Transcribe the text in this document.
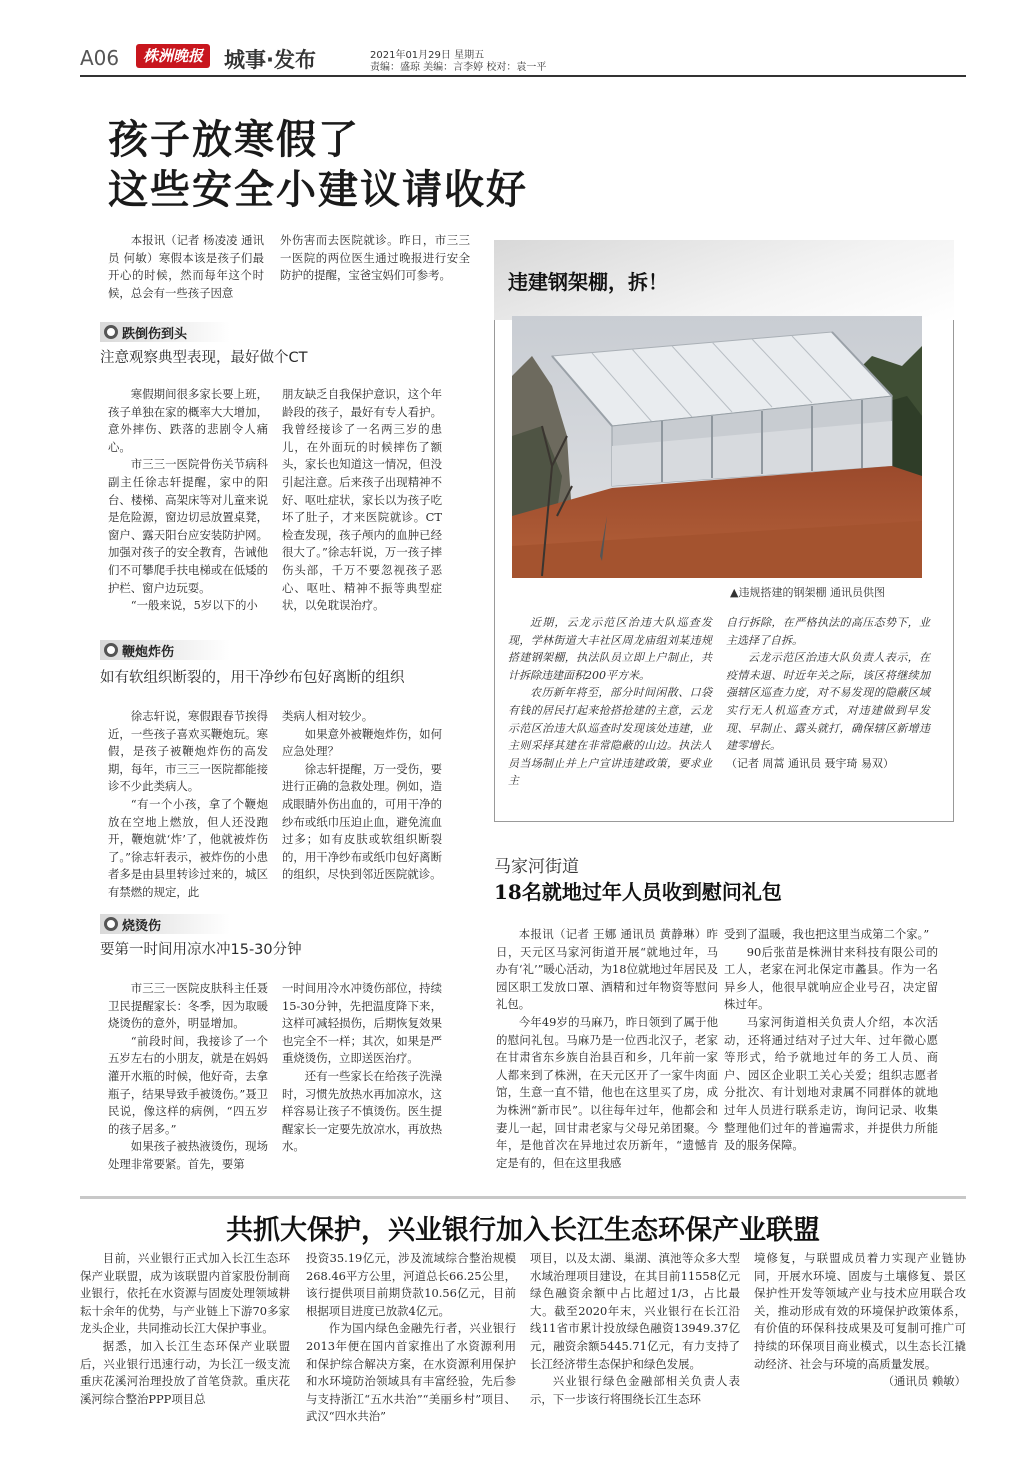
A06	株洲晚报	城事·发布	2021年01月29日 星期五
责编：盛琼 美编：言李婷 校对：袁一平
孩子放寒假了
这些安全小建议请收好

本报讯（记者 杨凌凌 通讯员 何敏）寒假本该是孩子们最开心的时候，然而每年这个时候，总会有一些孩子因意

外伤害而去医院就诊。昨日，市三三一医院的两位医生通过晚报进行安全防护的提醒，宝爸宝妈们可参考。

跌倒伤到头
注意观察典型表现，最好做个CT

寒假期间很多家长要上班，孩子单独在家的概率大大增加，意外摔伤、跌落的悲剧令人痛心。

市三三一医院骨伤关节病科副主任徐志轩提醒，家中的阳台、楼梯、高架床等对儿童来说是危险源，窗边切忌放置桌凳，窗户、露天阳台应安装防护网。加强对孩子的安全教育，告诫他们不可攀爬手扶电梯或在低矮的护栏、窗户边玩耍。

“一般来说，5岁以下的小

朋友缺乏自我保护意识，这个年龄段的孩子，最好有专人看护。我曾经接诊了一名两三岁的患儿，在外面玩的时候摔伤了额头，家长也知道这一情况，但没引起注意。后来孩子出现精神不好、呕吐症状，家长以为孩子吃坏了肚子，才来医院就诊。CT检查发现，孩子颅内的血肿已经很大了。”徐志轩说，万一孩子摔伤头部，千万不要忽视孩子恶心、呕吐、精神不振等典型症状，以免耽误治疗。

鞭炮炸伤
如有软组织断裂的，用干净纱布包好离断的组织

徐志轩说，寒假跟春节挨得近，一些孩子喜欢买鞭炮玩。寒假，是孩子被鞭炮炸伤的高发期，每年，市三三一医院都能接诊不少此类病人。

“有一个小孩，拿了个鞭炮放在空地上燃放，但人还没跑开，鞭炮就‘炸’了，他就被炸伤了。”徐志轩表示，被炸伤的小患者多是由县里转诊过来的，城区有禁燃的规定，此

类病人相对较少。

如果意外被鞭炮炸伤，如何应急处理？

徐志轩提醒，万一受伤，要进行正确的急救处理。例如，造成眼睛外伤出血的，可用干净的纱布或纸巾压迫止血，避免流血过多；如有皮肤或软组织断裂的，用干净纱布或纸巾包好离断的组织，尽快到邻近医院就诊。

烧烫伤
要第一时间用凉水冲15-30分钟

市三三一医院皮肤科主任聂卫民提醒家长：冬季，因为取暖烧烫伤的意外，明显增加。

“前段时间，我接诊了一个五岁左右的小朋友，就是在妈妈灌开水瓶的时候，他好奇，去拿瓶子，结果导致手被烫伤。”聂卫民说，像这样的病例，“四五岁的孩子居多。”

如果孩子被热液烫伤，现场处理非常要紧。首先，要第

一时间用冷水冲烫伤部位，持续15-30分钟，先把温度降下来，这样可减轻损伤，后期恢复效果也完全不一样；其次，如果是严重烧烫伤，立即送医治疗。

还有一些家长在给孩子洗澡时，习惯先放热水再加凉水，这样容易让孩子不慎烫伤。医生提醒家长一定要先放凉水，再放热水。

违建钢架棚，拆！
▲违规搭建的钢架棚 通讯员供图

近期，云龙示范区治违大队巡查发现，学林街道大丰社区周龙庙组刘某违规搭建钢架棚，执法队员立即上户制止，共计拆除违建面积200平方米。

农历新年将至，部分时间闲散、口袋有钱的居民打起来抢搭抢建的主意，云龙示范区治违大队巡查时发现该处违建，业主则采择其建在非常隐蔽的山边。执法人员当场制止并上户宣讲违建政策，要求业主

自行拆除，在严格执法的高压态势下，业主选择了自拆。

云龙示范区治违大队负责人表示，在疫情未退、时近年关之际，该区将继续加强辖区巡查力度，对不易发现的隐蔽区域实行无人机巡查方式，对违建做到早发现、早制止、露头就打，确保辖区新增违建零增长。

（记者 周蒿 通讯员 聂宇琦 易双）

马家河街道
18名就地过年人员收到慰问礼包

本报讯（记者 王娜 通讯员 黄静琳）昨日，天元区马家河街道开展“就地过年，马办有‘礼’”暖心活动，为18位就地过年居民及园区职工发放口罩、酒精和过年物资等慰问礼包。

今年49岁的马麻乃，昨日领到了属于他的慰问礼包。马麻乃是一位西北汉子，老家在甘肃省东乡族自治县百和乡，几年前一家人都来到了株洲，在天元区开了一家牛肉面馆，生意一直不错，他也在这里买了房，成为株洲“新市民”。以往每年过年，他都会和妻儿一起，回甘肃老家与父母兄弟团聚。今年，是他首次在异地过农历新年，“遗憾肯定是有的，但在这里我感

受到了温暖，我也把这里当成第二个家。”

90后张苗是株洲甘来科技有限公司的工人，老家在河北保定市蠡县。作为一名异乡人，他很早就响应企业号召，决定留株过年。

马家河街道相关负责人介绍，本次活动，还将通过结对子过大年、过年微心愿等形式，给予就地过年的务工人员、商户、园区企业职工关心关爱；组织志愿者分批次、有计划地对隶属不同群体的就地过年人员进行联系走访，询问记录、收集整理他们过年的普遍需求，并提供力所能及的服务保障。

共抓大保护，兴业银行加入长江生态环保产业联盟

目前，兴业银行正式加入长江生态环保产业联盟，成为该联盟内首家股份制商业银行，依托在水资源与固废处理领域耕耘十余年的优势，与产业链上下游70多家龙头企业，共同推动长江大保护事业。

据悉，加入长江生态环保产业联盟后，兴业银行迅速行动，为长江一级支流重庆花溪河治理投放了首笔贷款。重庆花溪河综合整治PPP项目总

投资35.19亿元，涉及流域综合整治规模268.46平方公里，河道总长66.25公里，该行提供项目前期贷款10.56亿元，目前根据项目进度已放款4亿元。

作为国内绿色金融先行者，兴业银行2013年便在国内首家推出了水资源利用和保护综合解决方案，在水资源利用保护和水环境防治领域具有丰富经验，先后参与支持浙江“五水共治”“美丽乡村”项目、武汉“四水共治”

项目，以及太湖、巢湖、滇池等众多大型水域治理项目建设，在其目前11558亿元绿色融资余额中占比超过1/3，占比最大。截至2020年末，兴业银行在长江沿线11省市累计投放绿色融资13949.37亿元，融资余额5445.71亿元，有力支持了长江经济带生态保护和绿色发展。

兴业银行绿色金融部相关负责人表示，下一步该行将围绕长江生态环

境修复，与联盟成员着力实现产业链协同，开展水环境、固废与土壤修复、景区保护性开发等领域产业与技术应用联合攻关，推动形成有效的环境保护政策体系，有价值的环保科技成果及可复制可推广可持续的环保项目商业模式，以生态长江撬动经济、社会与环境的高质量发展。

（通讯员 赖敏）
